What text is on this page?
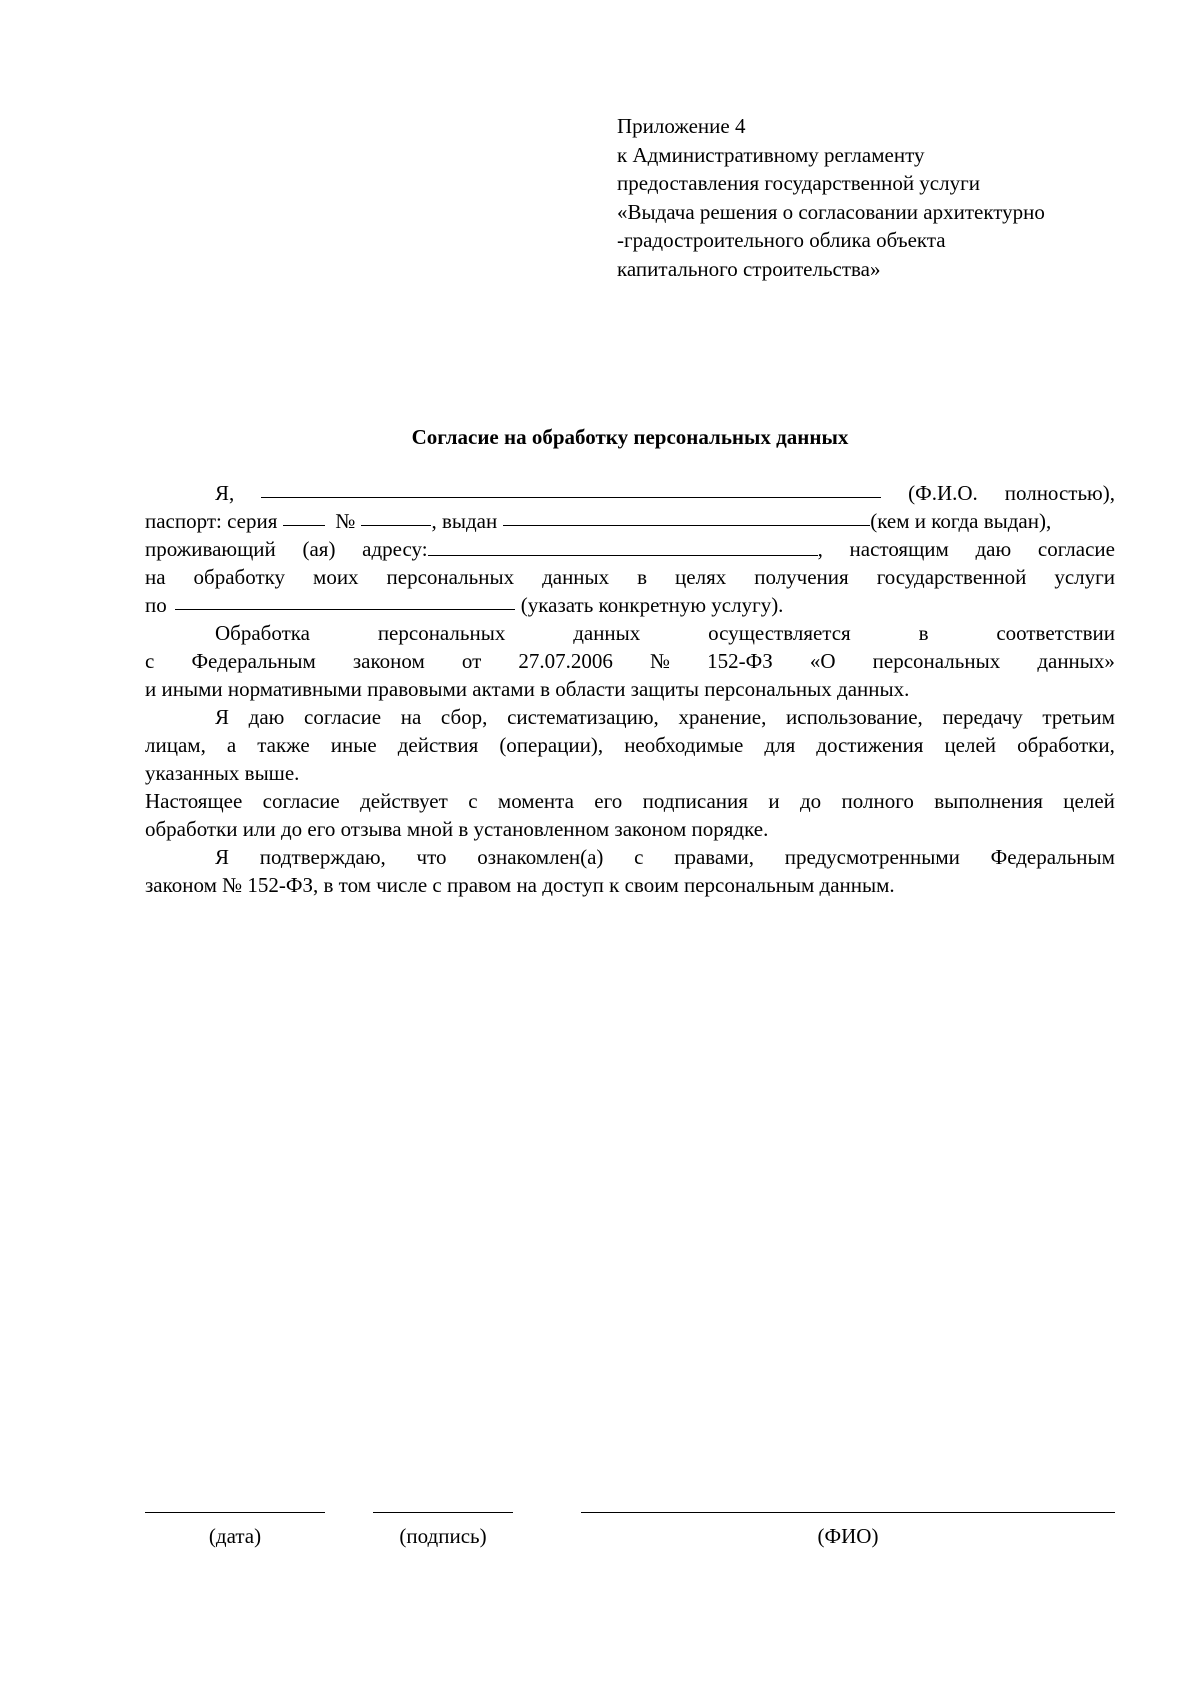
Приложение 4
к Административному регламенту
предоставления государственной услуги
«Выдача решения о согласовании архитектурно
-градостроительного облика объекта
капитального строительства»
Согласие на обработку персональных данных
Я,	(Ф.И.О. полностью),
паспорт: серия	№	, выдан	(кем и когда выдан),
проживающий (ая) адресу:	, настоящим даю согласие
на обработку моих персональных данных в целях получения государственной услуги
по	(указать конкретную услугу).
Обработка	персональных	данных	осуществляется	в	соответствии
с Федеральным законом от 27.07.2006 № 152-ФЗ «О персональных данных»
и иными нормативными правовыми актами в области защиты персональных данных.
Я даю согласие на сбор, систематизацию, хранение, использование, передачу третьим
лицам, а также иные действия (операции), необходимые для достижения целей обработки,
указанных выше.
Настоящее согласие действует с момента его подписания и до полного выполнения целей
обработки или до его отзыва мной в установленном законом порядке.
Я подтверждаю, что ознакомлен(а) с правами, предусмотренными Федеральным
законом № 152-ФЗ, в том числе с правом на доступ к своим персональным данным.
(дата)	(подпись)	(ФИО)
